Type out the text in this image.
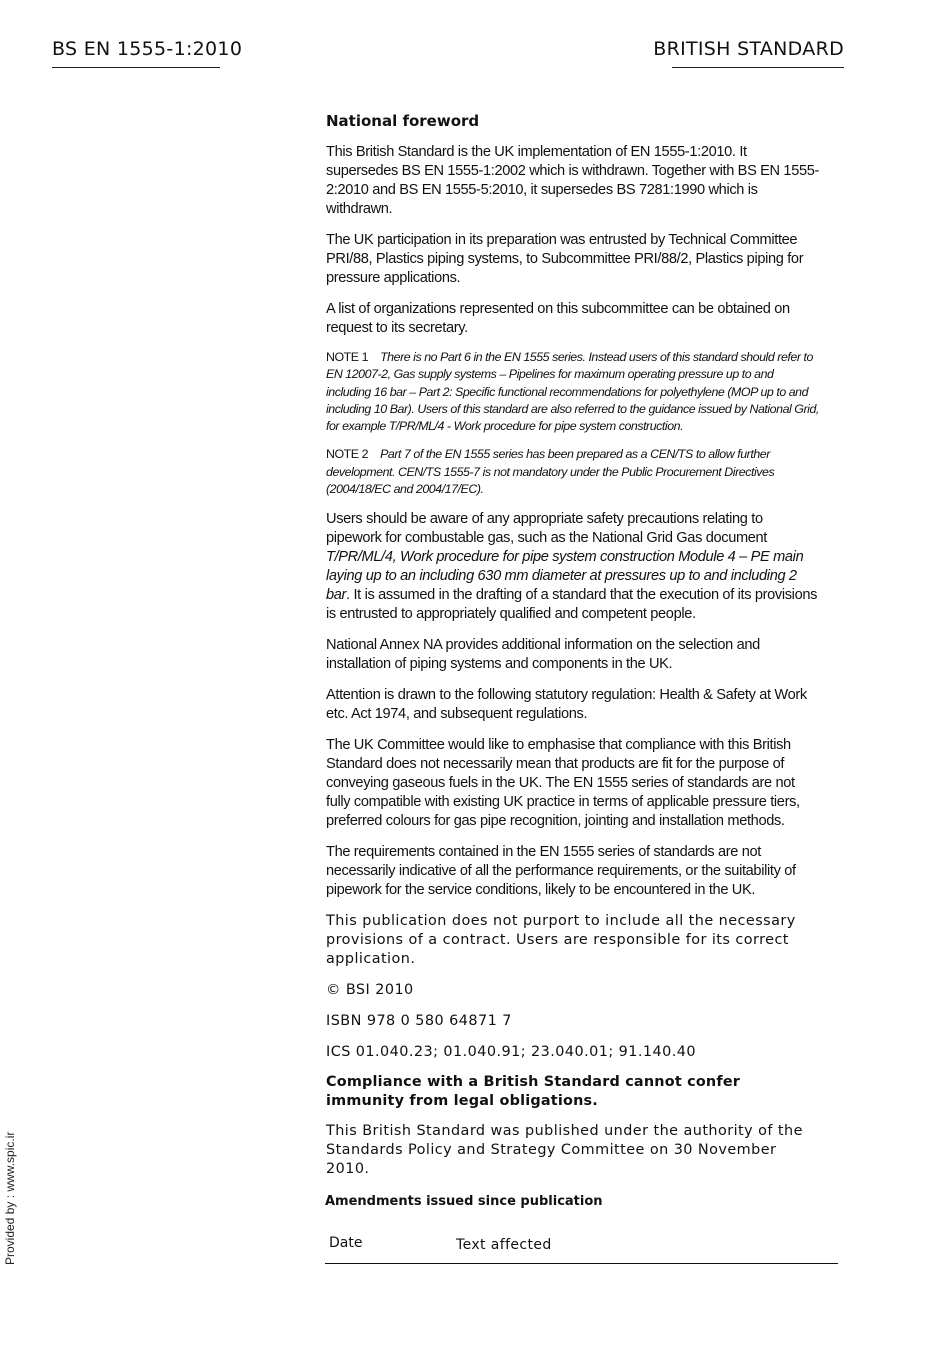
BS EN 1555-1:2010	BRITISH STANDARD
Provided by : www.spic.ir

National foreword

This British Standard is the UK implementation of EN 1555-1:2010. It supersedes BS EN 1555-1:2002 which is withdrawn. Together with BS EN 1555-2:2010 and BS EN 1555-5:2010, it supersedes BS 7281:1990 which is withdrawn.

The UK participation in its preparation was entrusted by Technical Committee PRI/88, Plastics piping systems, to Subcommittee PRI/88/2, Plastics piping for pressure applications.

A list of organizations represented on this subcommittee can be obtained on request to its secretary.

NOTE 1 There is no Part 6 in the EN 1555 series. Instead users of this standard should refer to EN 12007-2, Gas supply systems – Pipelines for maximum operating pressure up to and including 16 bar – Part 2: Specific functional recommendations for polyethylene (MOP up to and including 10 Bar). Users of this standard are also referred to the guidance issued by National Grid, for example T/PR/ML/4 - Work procedure for pipe system construction.

NOTE 2 Part 7 of the EN 1555 series has been prepared as a CEN/TS to allow further development. CEN/TS 1555-7 is not mandatory under the Public Procurement Directives (2004/18/EC and 2004/17/EC).

Users should be aware of any appropriate safety precautions relating to pipework for combustable gas, such as the National Grid Gas document T/PR/ML/4, Work procedure for pipe system construction Module 4 – PE main laying up to an including 630 mm diameter at pressures up to and including 2 bar. It is assumed in the drafting of a standard that the execution of its provisions is entrusted to appropriately qualified and competent people.

National Annex NA provides additional information on the selection and installation of piping systems and components in the UK.

Attention is drawn to the following statutory regulation: Health & Safety at Work etc. Act 1974, and subsequent regulations.

The UK Committee would like to emphasise that compliance with this British Standard does not necessarily mean that products are fit for the purpose of conveying gaseous fuels in the UK. The EN 1555 series of standards are not fully compatible with existing UK practice in terms of applicable pressure tiers, preferred colours for gas pipe recognition, jointing and installation methods.

The requirements contained in the EN 1555 series of standards are not necessarily indicative of all the performance requirements, or the suitability of pipework for the service conditions, likely to be encountered in the UK.

This publication does not purport to include all the necessary provisions of a contract. Users are responsible for its correct application.

© BSI 2010

ISBN 978 0 580 64871 7

ICS 01.040.23; 01.040.91; 23.040.01; 91.140.40

Compliance with a British Standard cannot confer immunity from legal obligations.

This British Standard was published under the authority of the Standards Policy and Strategy Committee on 30 November 2010.

Amendments issued since publication
Date	Text affected
